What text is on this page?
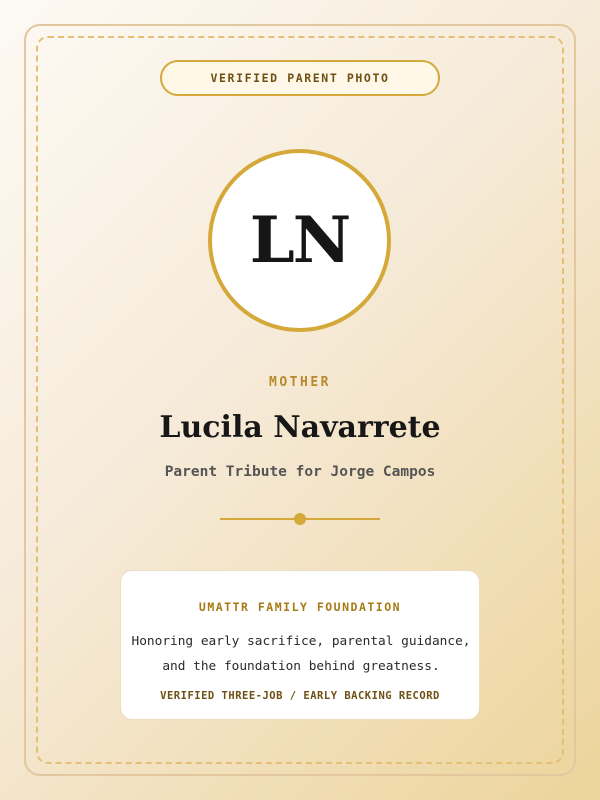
VERIFIED PARENT PHOTO
LN
MOTHER
Lucila Navarrete
Parent Tribute for Jorge Campos
UMATTR FAMILY FOUNDATION
Honoring early sacrifice, parental guidance,
and the foundation behind greatness.
VERIFIED THREE-JOB / EARLY BACKING RECORD
